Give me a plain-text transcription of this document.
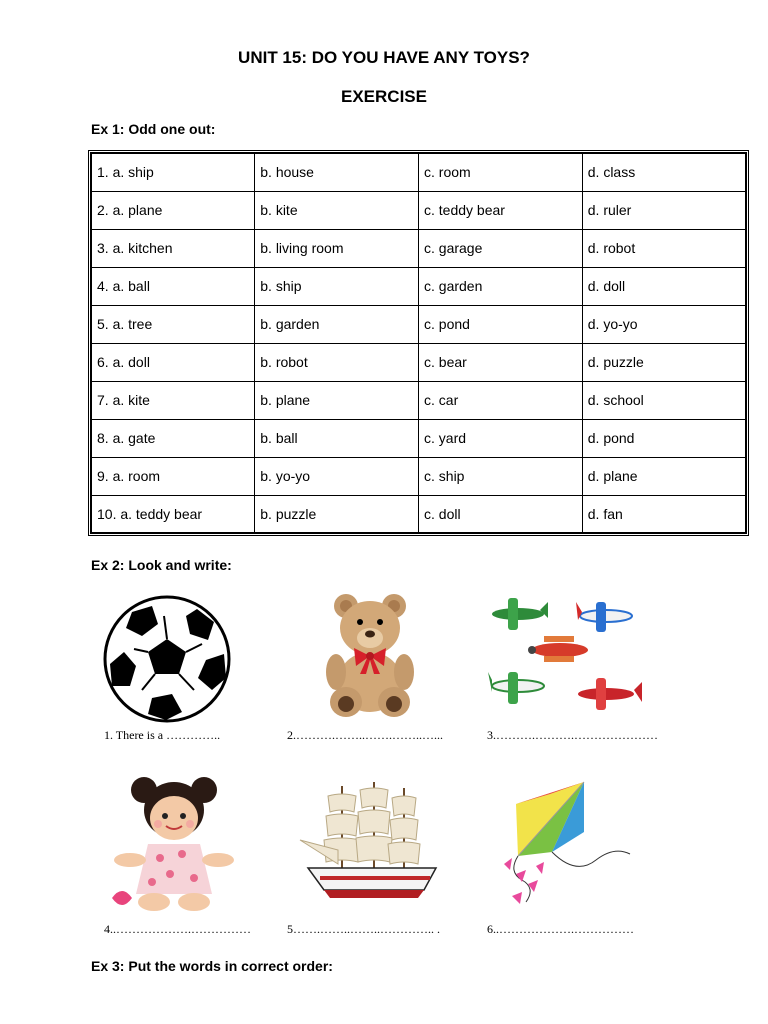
UNIT 15: DO YOU HAVE ANY TOYS?
EXERCISE
Ex 1: Odd one out:
1. a. ship	b. house	c. room	d. class
2. a. plane	b. kite	c. teddy bear	d. ruler
3. a. kitchen	b. living room	c. garage	d. robot
4. a. ball	b. ship	c. garden	d. doll
5. a. tree	b. garden	c. pond	d. yo-yo
6. a. doll	b. robot	c. bear	d. puzzle
7. a. kite	b. plane	c. car	d. school
8. a. gate	b. ball	c. yard	d. pond
9. a. room	b. yo-yo	c. ship	d. plane
10. a. teddy bear	b. puzzle	c. doll	d. fan
Ex 2: Look and write:
1. There is a …………..	2.……….……..…….……..…...	3.……….……….…………………
4..……………….……………	5…….……..……..………….. .	6..……………….……………
Ex 3: Put the words in correct order:
